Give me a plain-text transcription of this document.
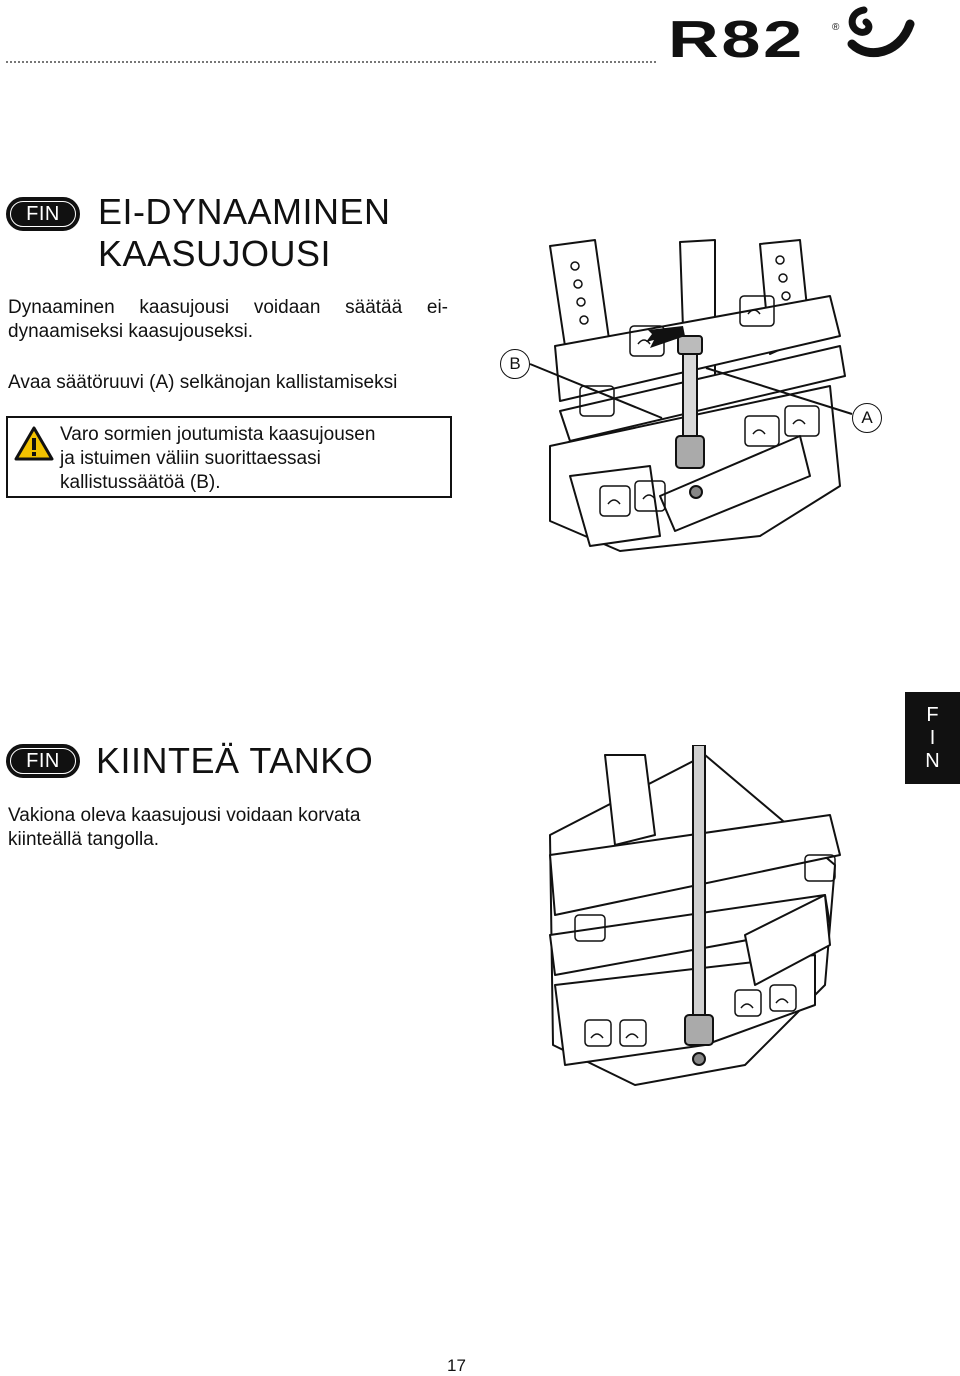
R82	®
FIN EI-DYNAAMINEN
KAASUJOUSI
Dynaaminen kaasujousi voidaan säätää ei-
dynaamiseksi kaasujouseksi.
Avaa säätöruuvi (A) selkänojan kallistamiseksi
Varo sormien joutumista kaasujousen
ja istuimen väliin suorittaessasi
kallistussäätöä (B).
B
A
FIN KIINTEÄ TANKO
Vakiona oleva kaasujousi voidaan korvata
kiinteällä tangolla.
F
I
N
17
